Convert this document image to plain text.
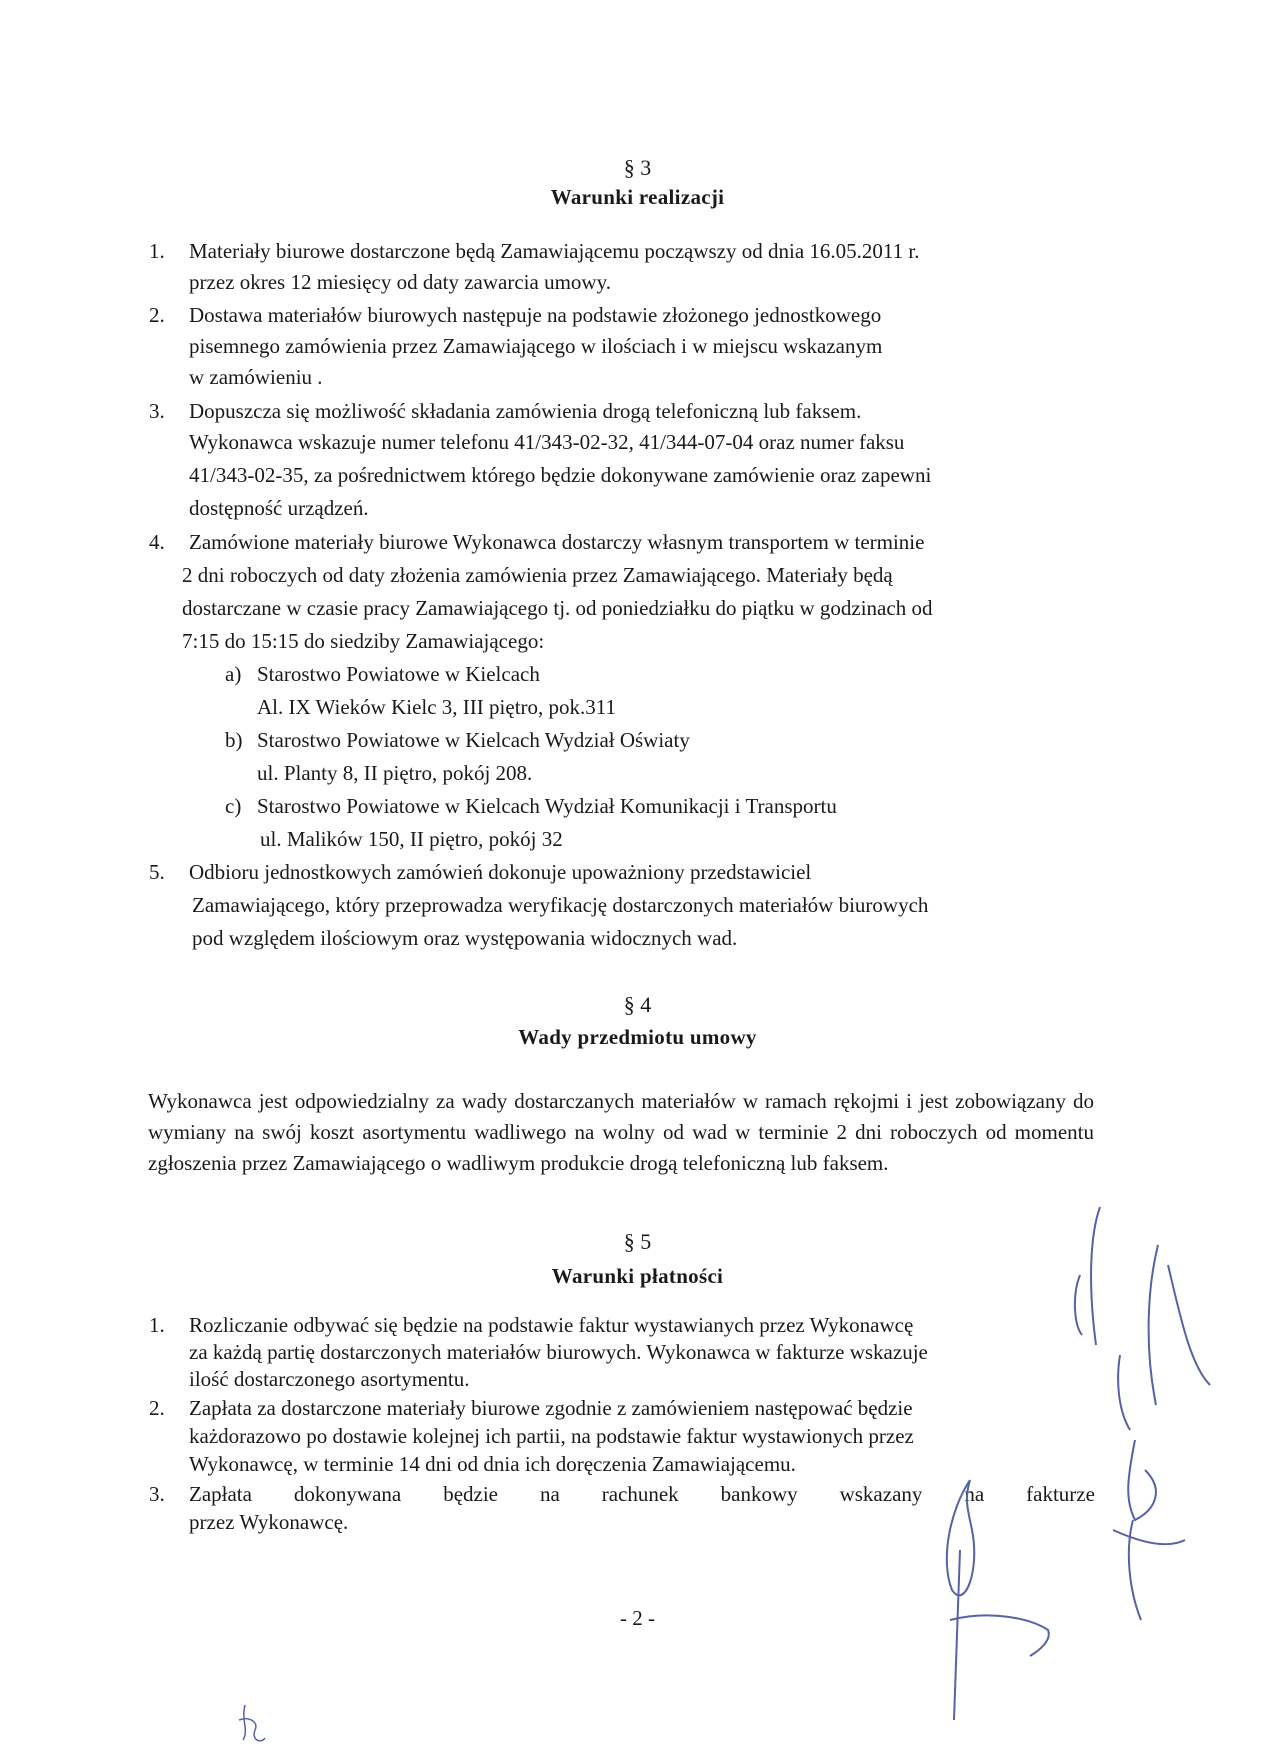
§ 3
Warunki realizacji
1. Materiały biurowe dostarczone będą Zamawiającemu począwszy od dnia 16.05.2011 r.
przez okres 12 miesięcy od daty zawarcia umowy.
2. Dostawa materiałów biurowych następuje na podstawie złożonego jednostkowego
pisemnego zamówienia przez Zamawiającego w ilościach i w miejscu wskazanym
w zamówieniu .
3. Dopuszcza się możliwość składania zamówienia drogą telefoniczną lub faksem.
Wykonawca wskazuje numer telefonu 41/343-02-32, 41/344-07-04 oraz numer faksu
41/343-02-35, za pośrednictwem którego będzie dokonywane zamówienie oraz zapewni
dostępność urządzeń.
4. Zamówione materiały biurowe Wykonawca dostarczy własnym transportem w terminie
2 dni roboczych od daty złożenia zamówienia przez Zamawiającego. Materiały będą
dostarczane w czasie pracy Zamawiającego tj. od poniedziałku do piątku w godzinach od
7:15 do 15:15 do siedziby Zamawiającego:
a) Starostwo Powiatowe w Kielcach
Al. IX Wieków Kielc 3, III piętro, pok.311
b) Starostwo Powiatowe w Kielcach Wydział Oświaty
ul. Planty 8, II piętro, pokój 208.
c) Starostwo Powiatowe w Kielcach Wydział Komunikacji i Transportu
ul. Malików 150, II piętro, pokój 32
5. Odbioru jednostkowych zamówień dokonuje upoważniony przedstawiciel
Zamawiającego, który przeprowadza weryfikację dostarczonych materiałów biurowych
pod względem ilościowym oraz występowania widocznych wad.
§ 4
Wady przedmiotu umowy
Wykonawca jest odpowiedzialny za wady dostarczanych materiałów w ramach rękojmi i jest zobowiązany do wymiany na swój koszt asortymentu wadliwego na wolny od wad w terminie 2 dni roboczych od momentu zgłoszenia przez Zamawiającego o wadliwym produkcie drogą telefoniczną lub faksem.
§ 5
Warunki płatności
1. Rozliczanie odbywać się będzie na podstawie faktur wystawianych przez Wykonawcę
za każdą partię dostarczonych materiałów biurowych. Wykonawca w fakturze wskazuje
ilość dostarczonego asortymentu.
2. Zapłata za dostarczone materiały biurowe zgodnie z zamówieniem następować będzie
każdorazowo po dostawie kolejnej ich partii, na podstawie faktur wystawionych przez
Wykonawcę, w terminie 14 dni od dnia ich doręczenia Zamawiającemu.
3. Zapłata dokonywana będzie na rachunek bankowy wskazany na fakturze
przez Wykonawcę.
- 2 -
